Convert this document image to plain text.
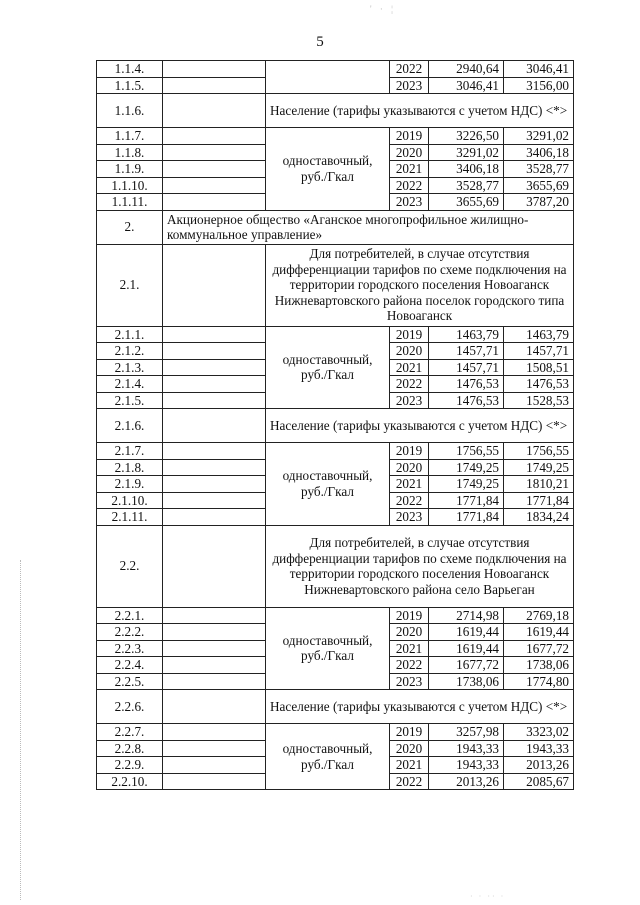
' · ¦
· · ·· ·
5
1.1.4.			2022	2940,64	3046,41
1.1.5.			2023	3046,41	3156,00
1.1.6.		Население (тарифы указываются с учетом НДС) <*>			
1.1.7.		одноставочный, руб./Гкал	2019	3226,50	3291,02
1.1.8.			2020	3291,02	3406,18
1.1.9.			2021	3406,18	3528,77
1.1.10.			2022	3528,77	3655,69
1.1.11.			2023	3655,69	3787,20
2.	Акционерное общество «Аганское многопрофильное жилищно-коммунальное управление»				
2.1.		Для потребителей, в случае отсутствия дифференциации тарифов по схеме подключения на территории городского поселения Новоаганск Нижневартовского района поселок городского типа Новоаганск			
2.1.1.		одноставочный, руб./Гкал	2019	1463,79	1463,79
2.1.2.			2020	1457,71	1457,71
2.1.3.			2021	1457,71	1508,51
2.1.4.			2022	1476,53	1476,53
2.1.5.			2023	1476,53	1528,53
2.1.6.		Население (тарифы указываются с учетом НДС) <*>			
2.1.7.		одноставочный, руб./Гкал	2019	1756,55	1756,55
2.1.8.			2020	1749,25	1749,25
2.1.9.			2021	1749,25	1810,21
2.1.10.			2022	1771,84	1771,84
2.1.11.			2023	1771,84	1834,24
2.2.		Для потребителей, в случае отсутствия дифференциации тарифов по схеме подключения на территории городского поселения Новоаганск Нижневартовского района село Варьеган			
2.2.1.		одноставочный, руб./Гкал	2019	2714,98	2769,18
2.2.2.			2020	1619,44	1619,44
2.2.3.			2021	1619,44	1677,72
2.2.4.			2022	1677,72	1738,06
2.2.5.			2023	1738,06	1774,80
2.2.6.		Население (тарифы указываются с учетом НДС) <*>			
2.2.7.		одноставочный, руб./Гкал	2019	3257,98	3323,02
2.2.8.			2020	1943,33	1943,33
2.2.9.			2021	1943,33	2013,26
2.2.10.			2022	2013,26	2085,67
